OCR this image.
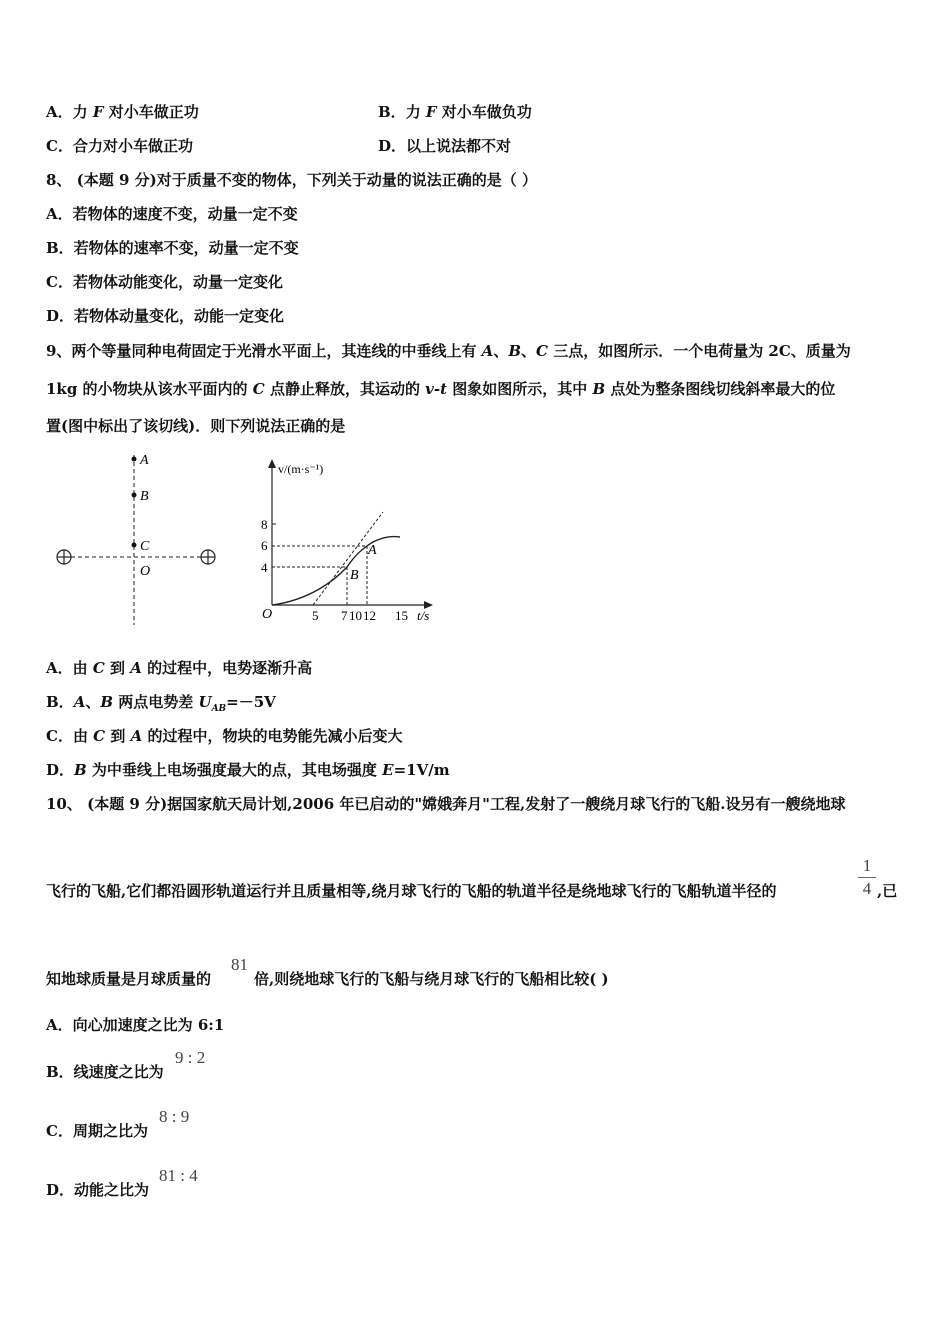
A．力 F 对小车做正功	B．力 F 对小车做负功
C．合力对小车做正功	D．以上说法都不对
8、 (本题 9 分)对于质量不变的物体，下列关于动量的说法正确的是（ ）
A．若物体的速度不变，动量一定不变
B．若物体的速率不变，动量一定不变
C．若物体动能变化，动量一定变化
D．若物体动量变化，动能一定变化
9、两个等量同种电荷固定于光滑水平面上，其连线的中垂线上有 A、B、C 三点，如图所示．一个电荷量为 2C、质量为
1kg 的小物块从该水平面内的 C 点静止释放，其运动的 v-t 图象如图所示，其中 B 点处为整条图线切线斜率最大的位
置(图中标出了该切线)．则下列说法正确的是
A
B
C
O
v/(m·s⁻¹)
t/s
O
8
6
4
A
B
5 7 10 12 15
A．由 C 到 A 的过程中，电势逐渐升高
B．A、B 两点电势差 $U_{AB}=-5V$
C．由 C 到 A 的过程中，物块的电势能先减小后变大
D．B 为中垂线上电场强度最大的点，其电场强度 E=1V/m
10、 (本题 9 分)据国家航天局计划,2006 年已启动的"嫦娥奔月"工程,发射了一艘绕月球飞行的飞船.设另有一艘绕地球
飞行的飞船,它们都沿圆形轨道运行并且质量相等,绕月球飞行的飞船的轨道半径是绕地球飞行的飞船轨道半径的
1
4 ,已
知地球质量是月球质量的
81
倍,则绕地球飞行的飞船与绕月球飞行的飞船相比较( )
A．向心加速度之比为 6:1
B．线速度之比为
9 : 2
C．周期之比为
8 : 9
D．动能之比为
81 : 4
